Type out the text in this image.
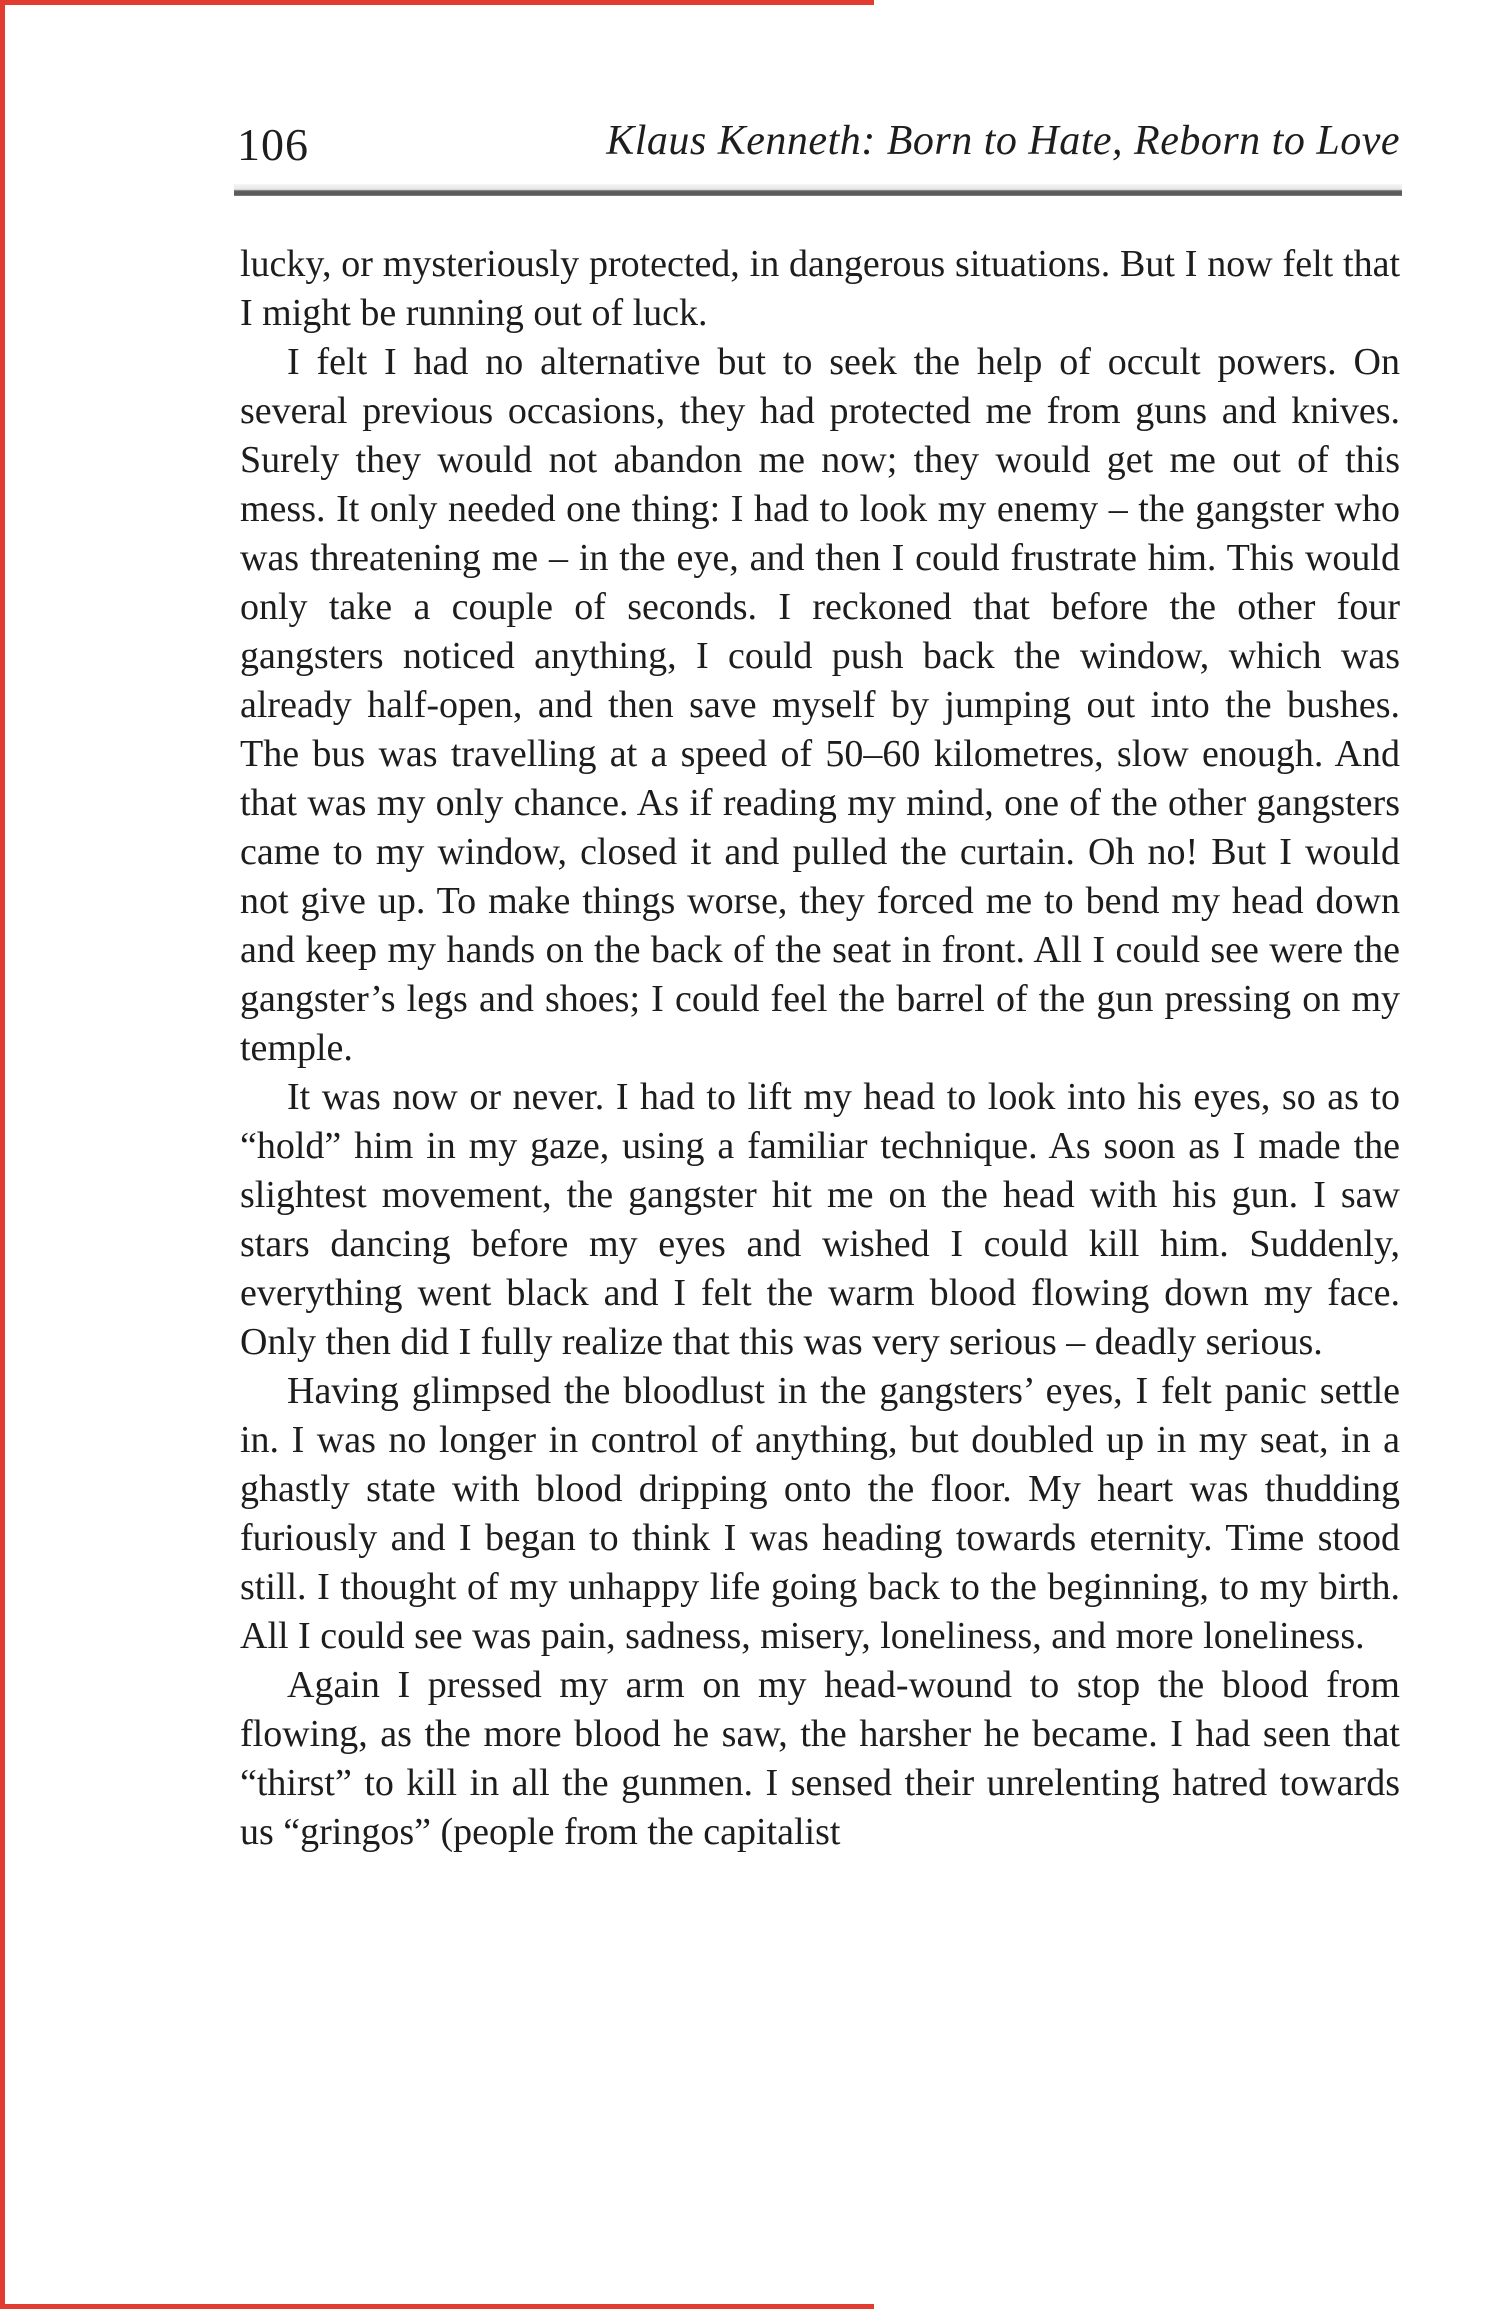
106	Klaus Kenneth: Born to Hate, Reborn to Love

lucky, or mysteriously protected, in dangerous situations. But I now felt that I might be running out of luck.

I felt I had no alternative but to seek the help of occult powers. On several previous occasions, they had protected me from guns and knives. Surely they would not abandon me now; they would get me out of this mess. It only needed one thing: I had to look my enemy – the gangster who was threatening me – in the eye, and then I could frustrate him. This would only take a couple of seconds. I reckoned that before the other four gangsters noticed anything, I could push back the window, which was already half-open, and then save myself by jumping out into the bushes. The bus was travelling at a speed of 50–60 kilometres, slow enough. And that was my only chance. As if reading my mind, one of the other gangsters came to my window, closed it and pulled the curtain. Oh no! But I would not give up. To make things worse, they forced me to bend my head down and keep my hands on the back of the seat in front. All I could see were the gangster’s legs and shoes; I could feel the barrel of the gun pressing on my temple.

It was now or never. I had to lift my head to look into his eyes, so as to “hold” him in my gaze, using a familiar technique. As soon as I made the slightest movement, the gangster hit me on the head with his gun. I saw stars dancing before my eyes and wished I could kill him. Suddenly, everything went black and I felt the warm blood flowing down my face. Only then did I fully realize that this was very serious – deadly serious.

Having glimpsed the bloodlust in the gangsters’ eyes, I felt panic settle in. I was no longer in control of anything, but doubled up in my seat, in a ghastly state with blood dripping onto the floor. My heart was thudding furiously and I began to think I was heading towards eternity. Time stood still. I thought of my unhappy life going back to the beginning, to my birth. All I could see was pain, sadness, misery, loneliness, and more loneliness.

Again I pressed my arm on my head-wound to stop the blood from flowing, as the more blood he saw, the harsher he became. I had seen that “thirst” to kill in all the gunmen. I sensed their unrelenting hatred towards us “gringos” (people from the capitalist
